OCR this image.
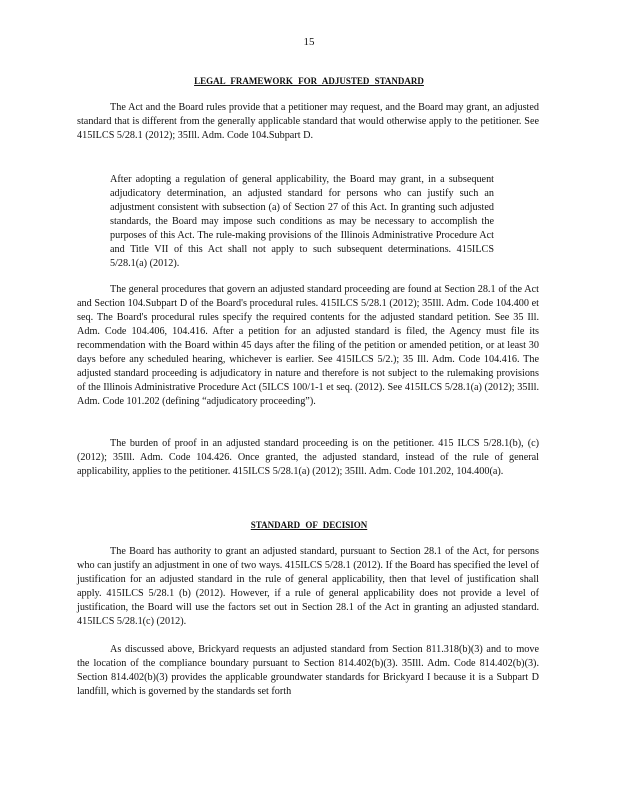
15
LEGAL FRAMEWORK FOR ADJUSTED STANDARD

The Act and the Board rules provide that a petitioner may request, and the Board may grant, an adjusted standard that is different from the generally applicable standard that would otherwise apply to the petitioner. See 415ILCS 5/28.1 (2012); 35Ill. Adm. Code 104.Subpart D.

After adopting a regulation of general applicability, the Board may grant, in a subsequent adjudicatory determination, an adjusted standard for persons who can justify such an adjustment consistent with subsection (a) of Section 27 of this Act. In granting such adjusted standards, the Board may impose such conditions as may be necessary to accomplish the purposes of this Act. The rule-making provisions of the Illinois Administrative Procedure Act and Title VII of this Act shall not apply to such subsequent determinations. 415ILCS 5/28.1(a) (2012).

The general procedures that govern an adjusted standard proceeding are found at Section 28.1 of the Act and Section 104.Subpart D of the Board's procedural rules. 415ILCS 5/28.1 (2012); 35Ill. Adm. Code 104.400 et seq. The Board's procedural rules specify the required contents for the adjusted standard petition. See 35 Ill. Adm. Code 104.406, 104.416. After a petition for an adjusted standard is filed, the Agency must file its recommendation with the Board within 45 days after the filing of the petition or amended petition, or at least 30 days before any scheduled hearing, whichever is earlier. See 415ILCS 5/2.); 35 Ill. Adm. Code 104.416. The adjusted standard proceeding is adjudicatory in nature and therefore is not subject to the rulemaking provisions of the Illinois Administrative Procedure Act (5ILCS 100/1-1 et seq. (2012). See 415ILCS 5/28.1(a) (2012); 35Ill. Adm. Code 101.202 (defining “adjudicatory proceeding”).

The burden of proof in an adjusted standard proceeding is on the petitioner. 415 ILCS 5/28.1(b), (c) (2012); 35Ill. Adm. Code 104.426. Once granted, the adjusted standard, instead of the rule of general applicability, applies to the petitioner. 415ILCS 5/28.1(a) (2012); 35Ill. Adm. Code 101.202, 104.400(a).

STANDARD OF DECISION

The Board has authority to grant an adjusted standard, pursuant to Section 28.1 of the Act, for persons who can justify an adjustment in one of two ways. 415ILCS 5/28.1 (2012). If the Board has specified the level of justification for an adjusted standard in the rule of general applicability, then that level of justification shall apply. 415ILCS 5/28.1 (b) (2012). However, if a rule of general applicability does not provide a level of justification, the Board will use the factors set out in Section 28.1 of the Act in granting an adjusted standard. 415ILCS 5/28.1(c) (2012).

As discussed above, Brickyard requests an adjusted standard from Section 811.318(b)(3) and to move the location of the compliance boundary pursuant to Section 814.402(b)(3). 35Ill. Adm. Code 814.402(b)(3). Section 814.402(b)(3) provides the applicable groundwater standards for Brickyard I because it is a Subpart D landfill, which is governed by the standards set forth
